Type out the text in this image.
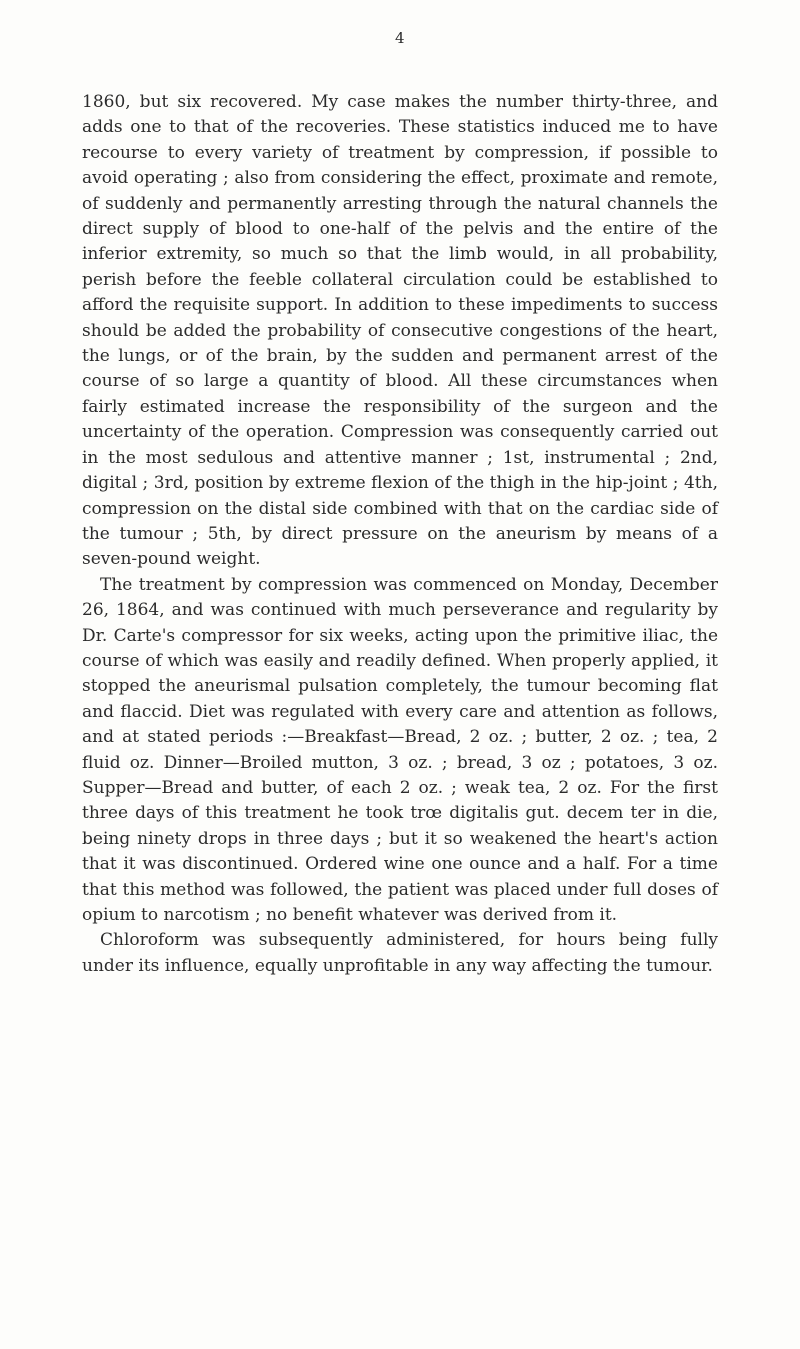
4

1860, but six recovered. My case makes the number thirty-three, and adds one to that of the recoveries. These statistics induced me to have recourse to every variety of treatment by compression, if possible to avoid operating ; also from considering the effect, proximate and remote, of suddenly and permanently arresting through the natural channels the direct supply of blood to one-half of the pelvis and the entire of the inferior extremity, so much so that the limb would, in all probability, perish before the feeble collateral circulation could be established to afford the requisite support. In addition to these impediments to success should be added the probability of consecutive congestions of the heart, the lungs, or of the brain, by the sudden and permanent arrest of the course of so large a quantity of blood. All these circumstances when fairly estimated increase the responsibility of the surgeon and the uncertainty of the operation. Compression was consequently carried out in the most sedulous and attentive manner ; 1st, instrumental ; 2nd, digital ; 3rd, position by extreme flexion of the thigh in the hip-joint ; 4th, compression on the distal side combined with that on the cardiac side of the tumour ; 5th, by direct pressure on the aneurism by means of a seven-pound weight.

The treatment by compression was commenced on Monday, December 26, 1864, and was continued with much perseverance and regularity by Dr. Carte's compressor for six weeks, acting upon the primitive iliac, the course of which was easily and readily defined. When properly applied, it stopped the aneurismal pulsation completely, the tumour becoming flat and flaccid. Diet was regulated with every care and attention as follows, and at stated periods :—Breakfast—Bread, 2 oz. ; butter, 2 oz. ; tea, 2 fluid oz. Dinner—Broiled mutton, 3 oz. ; bread, 3 oz ; potatoes, 3 oz. Supper—Bread and butter, of each 2 oz. ; weak tea, 2 oz. For the first three days of this treatment he took trœ digitalis gut. decem ter in die, being ninety drops in three days ; but it so weakened the heart's action that it was discontinued. Ordered wine one ounce and a half. For a time that this method was followed, the patient was placed under full doses of opium to narcotism ; no benefit whatever was derived from it.

Chloroform was subsequently administered, for hours being fully under its influence, equally unprofitable in any way affecting the tumour.
